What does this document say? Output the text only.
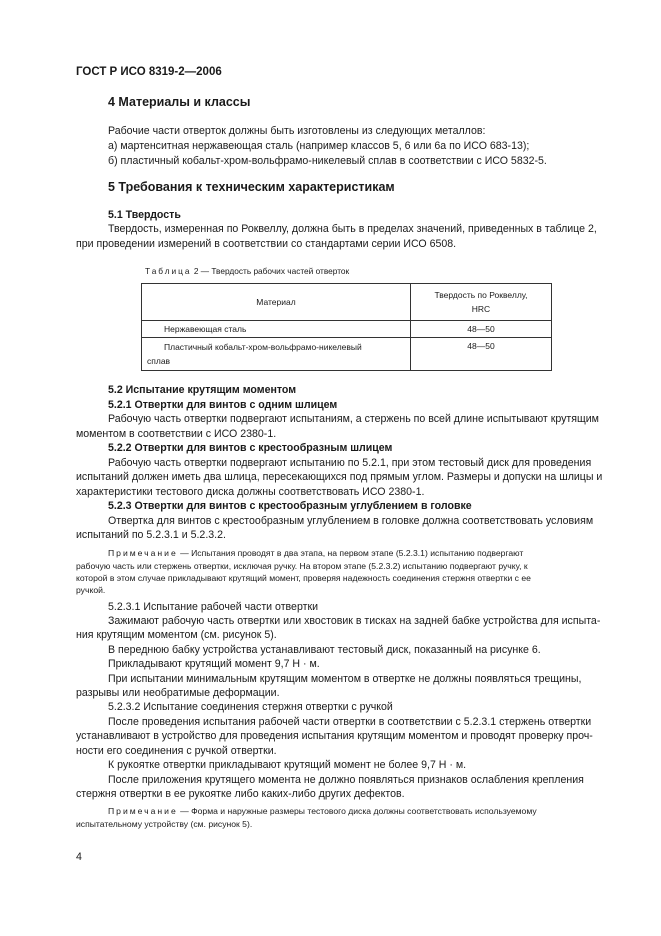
ГОСТ Р ИСО 8319-2—2006
4 Материалы и классы
Рабочие части отверток должны быть изготовлены из следующих металлов:
а) мартенситная нержавеющая сталь (например классов 5, 6 или 6а по ИСО 683-13);
б) пластичный кобальт-хром-вольфрамо-никелевый сплав в соответствии с ИСО 5832-5.
5 Требования к техническим характеристикам
5.1 Твердость
Твердость, измеренная по Роквеллу, должна быть в пределах значений, приведенных в таблице 2,
при проведении измерений в соответствии со стандартами серии ИСО 6508.
Таблица 2 — Твердость рабочих частей отверток
Материал	Твердость по Роквеллу,
HRC
Нержавеющая сталь	48—50
Пластичный кобальт-хром-вольфрамо-никелевый
сплав	48—50
5.2 Испытание крутящим моментом
5.2.1 Отвертки для винтов с одним шлицем
Рабочую часть отвертки подвергают испытаниям, а стержень по всей длине испытывают крутящим
моментом в соответствии с ИСО 2380-1.
5.2.2 Отвертки для винтов с крестообразным шлицем
Рабочую часть отвертки подвергают испытанию по 5.2.1, при этом тестовый диск для проведения
испытаний должен иметь два шлица, пересекающихся под прямым углом. Размеры и допуски на шлицы и
характеристики тестового диска должны соответствовать ИСО 2380-1.
5.2.3 Отвертки для винтов с крестообразным углублением в головке
Отвертка для винтов с крестообразным углублением в головке должна соответствовать условиям
испытаний по 5.2.3.1 и 5.2.3.2.
Примечание — Испытания проводят в два этапа, на первом этапе (5.2.3.1) испытанию подвергают
рабочую часть или стержень отвертки, исключая ручку. На втором этапе (5.2.3.2) испытанию подвергают ручку, к
которой в этом случае прикладывают крутящий момент, проверяя надежность соединения стержня отвертки с ее
ручкой.
5.2.3.1 Испытание рабочей части отвертки
Зажимают рабочую часть отвертки или хвостовик в тисках на задней бабке устройства для испыта-
ния крутящим моментом (см. рисунок 5).
В переднюю бабку устройства устанавливают тестовый диск, показанный на рисунке 6.
Прикладывают крутящий момент 9,7 Н · м.
При испытании минимальным крутящим моментом в отвертке не должны появляться трещины,
разрывы или необратимые деформации.
5.2.3.2 Испытание соединения стержня отвертки с ручкой
После проведения испытания рабочей части отвертки в соответствии с 5.2.3.1 стержень отвертки
устанавливают в устройство для проведения испытания крутящим моментом и проводят проверку проч-
ности его соединения с ручкой отвертки.
К рукоятке отвертки прикладывают крутящий момент не более 9,7 Н · м.
После приложения крутящего момента не должно появляться признаков ослабления крепления
стержня отвертки в ее рукоятке либо каких-либо других дефектов.
Примечание — Форма и наружные размеры тестового диска должны соответствовать используемому
испытательному устройству (см. рисунок 5).
4
